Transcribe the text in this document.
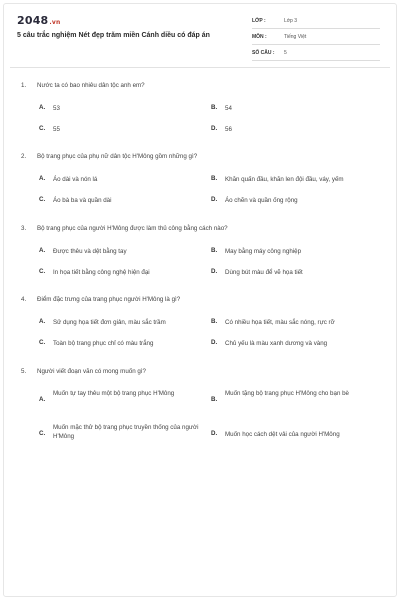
2048.vn
5 câu trắc nghiệm Nét đẹp trăm miền Cánh diều có đáp án
LỚP :	Lớp 3
MÔN :	Tiếng Việt
SỐ CÂU : 5
1. Nước ta có bao nhiêu dân tộc anh em?
A. 53	B. 54
C. 55	D. 56
2. Bộ trang phục của phụ nữ dân tộc H'Mông gồm những gì?
A. Áo dài và nón lá	B. Khăn quấn đầu, khăn len đội đầu, váy, yếm
C. Áo bà ba và quần dài	D. Áo chẽn và quần ống rộng
3. Bộ trang phục của người H'Mông được làm thủ công bằng cách nào?
A. Được thêu và dệt bằng tay	B. May bằng máy công nghiệp
C. In họa tiết bằng công nghệ hiện đại	D. Dùng bút màu để vẽ họa tiết
4. Điểm đặc trưng của trang phục người H'Mông là gì?
A. Sử dụng họa tiết đơn giản, màu sắc trầm	B. Có nhiều họa tiết, màu sắc nóng, rực rỡ
C. Toàn bộ trang phục chỉ có màu trắng	D. Chủ yếu là màu xanh dương và vàng
5. Người viết đoạn văn có mong muốn gì?
A.
Muốn tự tay thêu một bộ trang phục H'Mông
B.
Muốn tặng bộ trang phục H'Mông cho bạn bè
C.
Muốn mặc thử bộ trang phục truyền thống của người H'Mông	D. Muốn học cách dệt vải của người H'Mông
